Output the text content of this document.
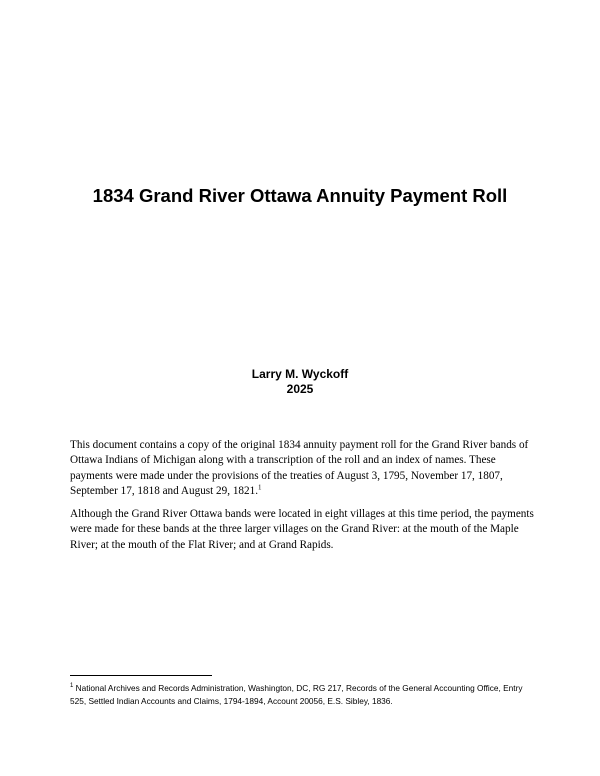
1834 Grand River Ottawa Annuity Payment Roll
Larry M. Wyckoff
2025

This document contains a copy of the original 1834 annuity payment roll for the Grand River bands of Ottawa Indians of Michigan along with a transcription of the roll and an index of names. These payments were made under the provisions of the treaties of August 3, 1795, November 17, 1807, September 17, 1818 and August 29, 1821.$^1$

Although the Grand River Ottawa bands were located in eight villages at this time period, the payments were made for these bands at the three larger villages on the Grand River: at the mouth of the Maple River; at the mouth of the Flat River; and at Grand Rapids.

$^1$ National Archives and Records Administration, Washington, DC, RG 217, Records of the General Accounting Office, Entry 525, Settled Indian Accounts and Claims, 1794-1894, Account 20056, E.S. Sibley, 1836.
